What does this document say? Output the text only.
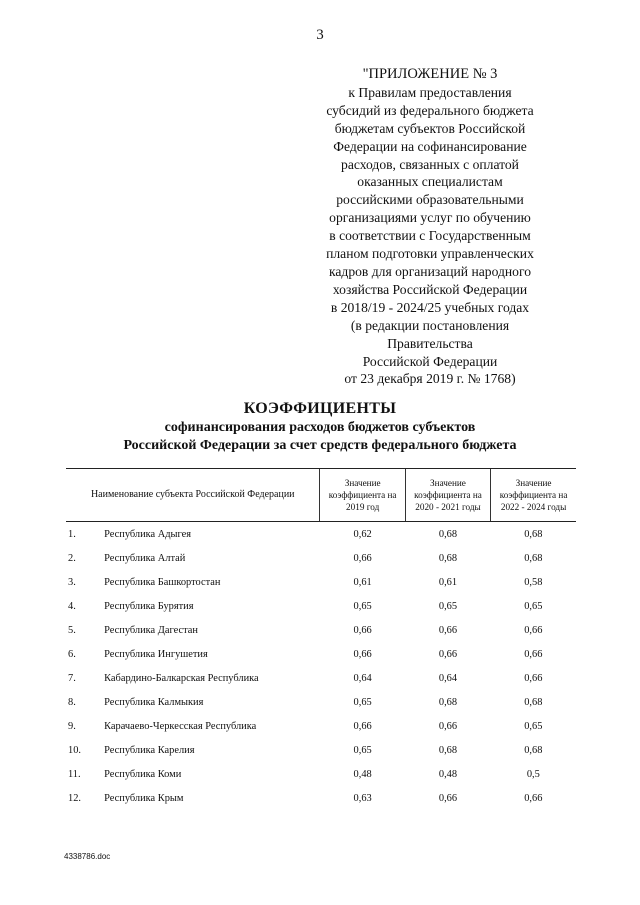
3
"ПРИЛОЖЕНИЕ № 3
к Правилам предоставления
субсидий из федерального бюджета
бюджетам субъектов Российской
Федерации на софинансирование
расходов, связанных с оплатой
оказанных специалистам
российскими образовательными
организациями услуг по обучению
в соответствии с Государственным
планом подготовки управленческих
кадров для организаций народного
хозяйства Российской Федерации
в 2018/19 - 2024/25 учебных годах
(в редакции постановления
Правительства
Российской Федерации
от 23 декабря 2019 г. № 1768)
КОЭФФИЦИЕНТЫ
софинансирования расходов бюджетов субъектов
Российской Федерации за счет средств федерального бюджета
Наименование субъекта Российской Федерации		Значение коэффициента на 2019 год	Значение коэффициента на 2020 - 2021 годы	Значение коэффициента на 2022 - 2024 годы
1.	Республика Адыгея	0,62	0,68	0,68
2.	Республика Алтай	0,66	0,68	0,68
3.	Республика Башкортостан	0,61	0,61	0,58
4.	Республика Бурятия	0,65	0,65	0,65
5.	Республика Дагестан	0,66	0,66	0,66
6.	Республика Ингушетия	0,66	0,66	0,66
7.	Кабардино-Балкарская Республика	0,64	0,64	0,66
8.	Республика Калмыкия	0,65	0,68	0,68
9.	Карачаево-Черкесская Республика	0,66	0,66	0,65
10.	Республика Карелия	0,65	0,68	0,68
11.	Республика Коми	0,48	0,48	0,5
12.	Республика Крым	0,63	0,66	0,66
4338786.doc
